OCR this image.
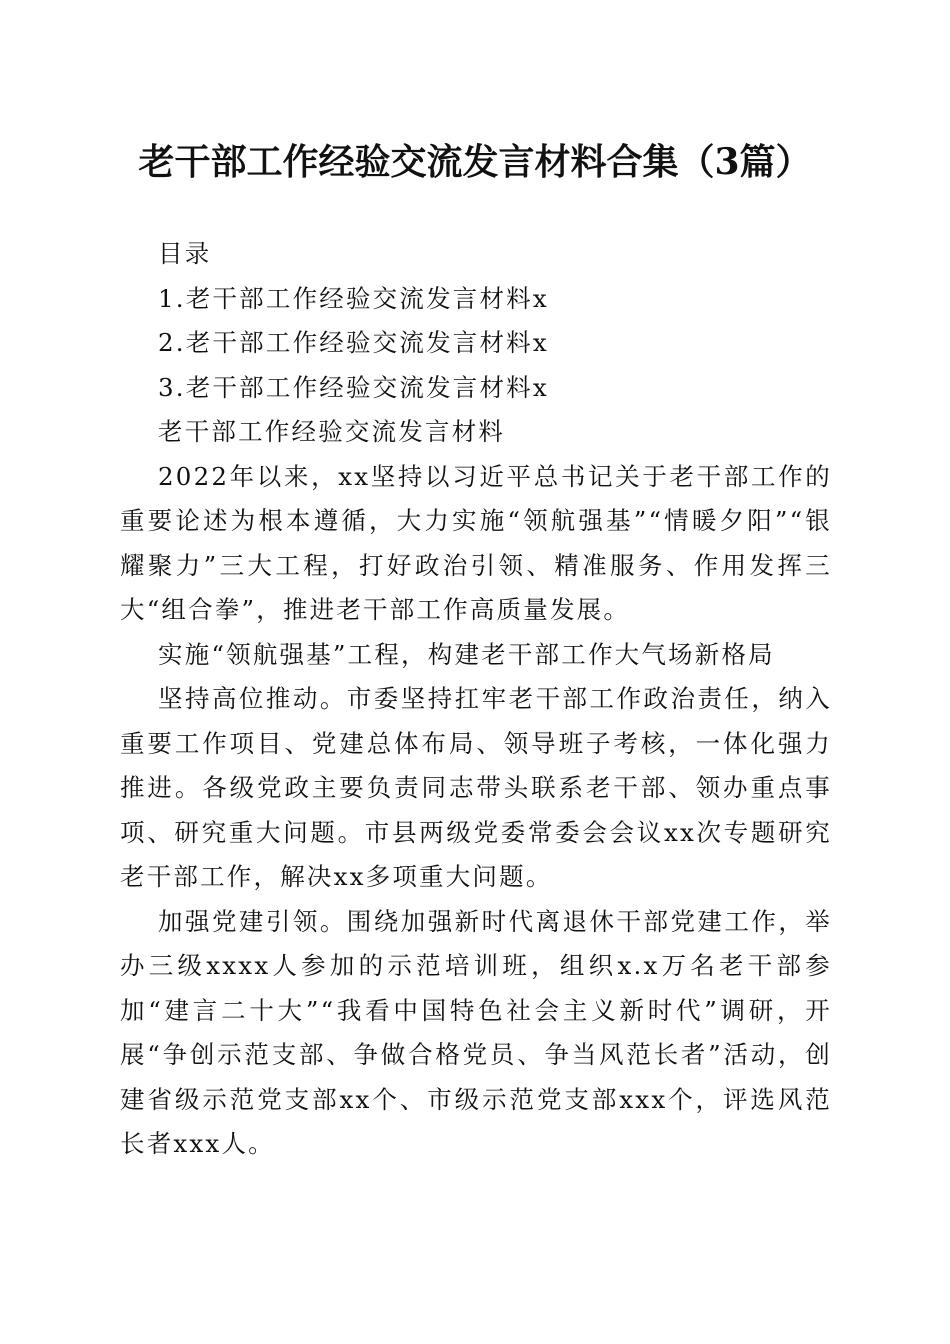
老干部工作经验交流发言材料合集（3篇）

目录

1.老干部工作经验交流发言材料x

2.老干部工作经验交流发言材料x

3.老干部工作经验交流发言材料x

老干部工作经验交流发言材料

2022年以来，xx坚持以习近平总书记关于老干部工作的重要论述为根本遵循，大力实施“领航强基”“情暖夕阳”“银耀聚力”三大工程，打好政治引领、精准服务、作用发挥三大“组合拳”，推进老干部工作高质量发展。

实施“领航强基”工程，构建老干部工作大气场新格局

坚持高位推动。市委坚持扛牢老干部工作政治责任，纳入重要工作项目、党建总体布局、领导班子考核，一体化强力推进。各级党政主要负责同志带头联系老干部、领办重点事项、研究重大问题。市县两级党委常委会会议xx次专题研究老干部工作，解决xx多项重大问题。

加强党建引领。围绕加强新时代离退休干部党建工作，举办三级xxxx人参加的示范培训班，组织x.x万名老干部参加“建言二十大”“我看中国特色社会主义新时代”调研，开展“争创示范支部、争做合格党员、争当风范长者”活动，创建省级示范党支部xx个、市级示范党支部xxx个，评选风范长者xxx人。
